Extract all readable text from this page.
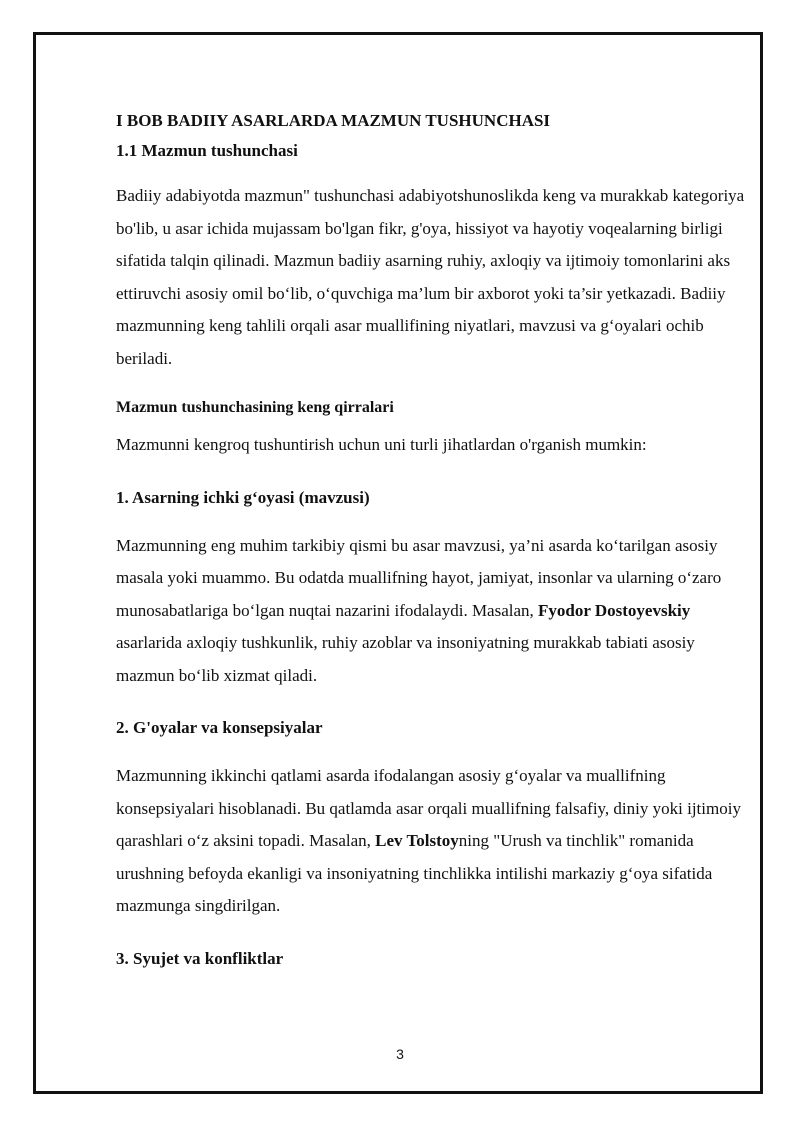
I BOB BADIIY ASARLARDA MAZMUN TUSHUNCHASI

1.1 Mazmun tushunchasi

Badiiy adabiyotda mazmun" tushunchasi adabiyotshunoslikda keng va murakkab kategoriya bo'lib, u asar ichida mujassam bo'lgan fikr, g'oya, hissiyot va hayotiy voqealarning birligi sifatida talqin qilinadi. Mazmun badiiy asarning ruhiy, axloqiy va ijtimoiy tomonlarini aks ettiruvchi asosiy omil bo‘lib, o‘quvchiga ma’lum bir axborot yoki ta’sir yetkazadi. Badiiy mazmunning keng tahlili orqali asar muallifining niyatlari, mavzusi va g‘oyalari ochib beriladi.

Mazmun tushunchasining keng qirralari

Mazmunni kengroq tushuntirish uchun uni turli jihatlardan o'rganish mumkin:

1. Asarning ichki g‘oyasi (mavzusi)

Mazmunning eng muhim tarkibiy qismi bu asar mavzusi, ya’ni asarda ko‘tarilgan asosiy masala yoki muammo. Bu odatda muallifning hayot, jamiyat, insonlar va ularning o‘zaro munosabatlariga bo‘lgan nuqtai nazarini ifodalaydi. Masalan, Fyodor Dostoyevskiy asarlarida axloqiy tushkunlik, ruhiy azoblar va insoniyatning murakkab tabiati asosiy mazmun bo‘lib xizmat qiladi.

2. G'oyalar va konsepsiyalar

Mazmunning ikkinchi qatlami asarda ifodalangan asosiy g‘oyalar va muallifning konsepsiyalari hisoblanadi. Bu qatlamda asar orqali muallifning falsafiy, diniy yoki ijtimoiy qarashlari o‘z aksini topadi. Masalan, Lev Tolstoyning "Urush va tinchlik" romanida urushning befoyda ekanligi va insoniyatning tinchlikka intilishi markaziy g‘oya sifatida mazmunga singdirilgan.

3. Syujet va konfliktlar

3
